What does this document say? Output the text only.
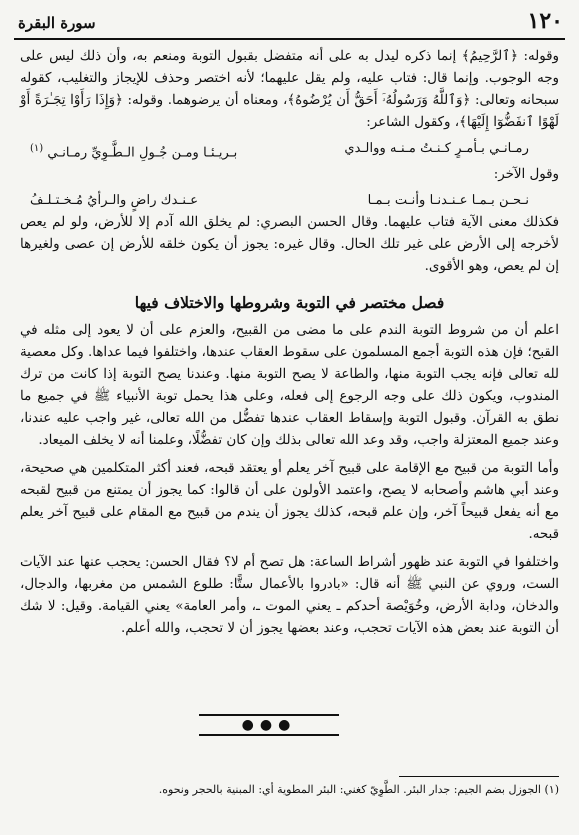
١٢٠
سورة البقرة

وقوله: ﴿ٱلرَّحِيمُ﴾ إنما ذكره ليدل به على أنه متفضل بقبول التوبة ومنعم به، وأن ذلك ليس على وجه الوجوب. وإنما قال: فتاب عليه، ولم يقل عليهما؛ لأنه اختصر وحذف للإيجاز والتغليب، كقوله سبحانه وتعالى: ﴿وَٱللَّهُ وَرَسُولُهُۥٓ أَحَقُّ أَن يُرْضُوهُ﴾، ومعناه أن يرضوهما. وقوله: ﴿وَإِذَا رَأَوْا تِجَـٰرَةً أَوْ لَهْوًا ٱنفَضُّوٓا إِلَيْهَا﴾، وكقول الشاعر:

رمـانـي بـأمـرٍ كـنـتُ مـنـه ووالـدي
بـريـئـا ومـن جُـولِ الـطَّـوِيِّ رمـانـي $^{(١)}$

وقول الآخر:

نـحـن بـمـا عـنـدنـا وأنـت بـمـا
عـنـدك راضٍ والـرأيُ مُـخـتـلـفُ

فكذلك معنى الآية فتاب عليهما. وقال الحسن البصري: لم يخلق الله آدم إلا للأرض، ولو لم يعص لأخرجه إلى الأرض على غير تلك الحال. وقال غيره: يجوز أن يكون خلقه للأرض إن عصى ولغيرها إن لم يعص، وهو الأقوى.

فصل مختصر في التوبة وشروطها والاختلاف فيها

اعلم أن من شروط التوبة الندم على ما مضى من القبيح، والعزم على أن لا يعود إلى مثله في القبح؛ فإن هذه التوبة أجمع المسلمون على سقوط العقاب عندها، واختلفوا فيما عداها. وكل معصية لله تعالى فإنه يجب التوبة منها، والطاعة لا يصح التوبة منها. وعندنا يصح التوبة إذا كانت من ترك المندوب، ويكون ذلك على وجه الرجوع إلى فعله، وعلى هذا يحمل توبة الأنبياء ﷺ في جميع ما نطق به القرآن. وقبول التوبة وإسقاط العقاب عندها تفضُّل من الله تعالى، غير واجب عليه عندنا، وعند جميع المعتزلة واجب، وقد وعد الله تعالى بذلك وإن كان تفضُّلًا، وعلمنا أنه لا يخلف الميعاد.

وأما التوبة من قبيح مع الإقامة على قبيح آخر يعلم أو يعتقد قبحه، فعند أكثر المتكلمين هي صحيحة، وعند أبي هاشم وأصحابه لا يصح، واعتمد الأولون على أن قالوا: كما يجوز أن يمتنع من قبيح لقبحه مع أنه يفعل قبيحاً آخر، وإن علم قبحه، كذلك يجوز أن يندم من قبيح مع المقام على قبيح آخر يعلم قبحه.

واختلفوا في التوبة عند ظهور أشراط الساعة: هل تصح أم لا؟ فقال الحسن: يحجب عنها عند الآيات الست، وروي عن النبي ﷺ أنه قال: «بادروا بالأعمال ستًّا: طلوع الشمس من مغربها، والدجال، والدخان، ودابة الأرض، وخُوَيْصة أحدكم ـ يعني الموت ـ، وأمر العامة» يعني القيامة. وقيل: لا شك أن التوبة عند بعض هذه الآيات تحجب، وعند بعضها يجوز أن لا تحجب، والله أعلم.

●●●
(١) الجوزل بضم الجيم: جدار البئر. الطَّوِيّ كغني: البئر المطوية أي: المبنية بالحجر ونحوه.
